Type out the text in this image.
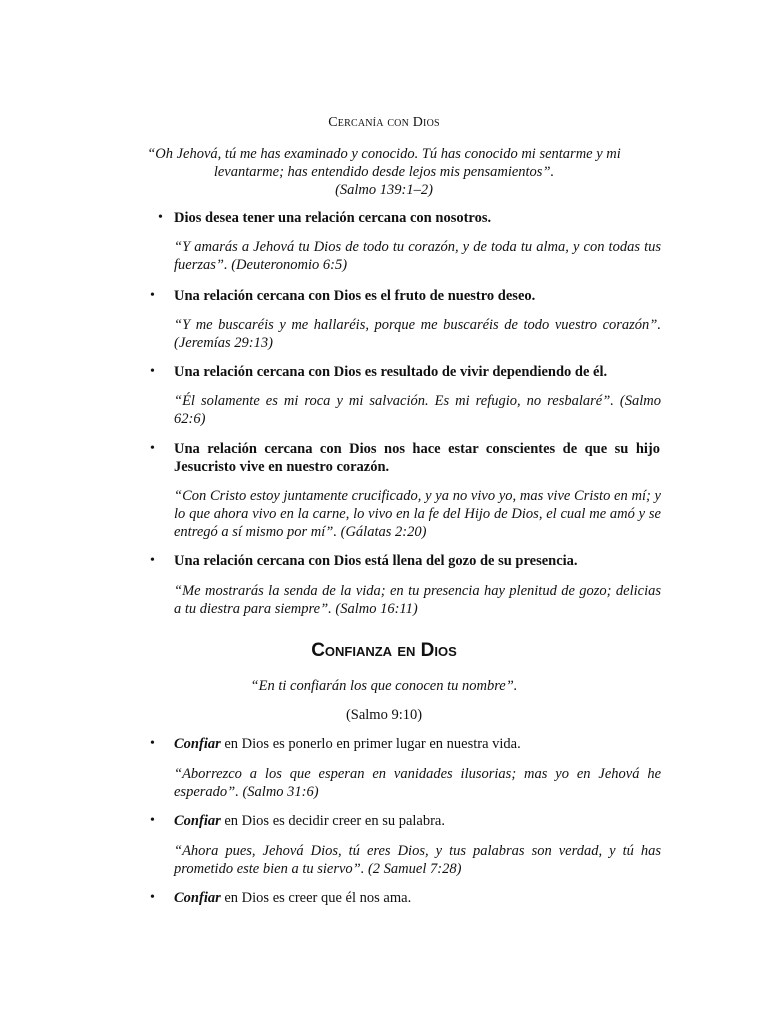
Cercanía con Dios
“Oh Jehová, tú me has examinado y conocido. Tú has conocido mi sentarme y mi
levantarme; has entendido desde lejos mis pensamientos”.
(Salmo 139:1–2)
• Dios desea tener una relación cercana con nosotros.
“Y amarás a Jehová tu Dios de todo tu corazón, y de toda tu alma, y con todas tus fuerzas”. (Deuteronomio 6:5)
• Una relación cercana con Dios es el fruto de nuestro deseo.
“Y me buscaréis y me hallaréis, porque me buscaréis de todo vuestro corazón”. (Jeremías 29:13)
• Una relación cercana con Dios es resultado de vivir dependiendo de él.
“Él solamente es mi roca y mi salvación. Es mi refugio, no resbalaré”. (Salmo 62:6)
• Una relación cercana con Dios nos hace estar conscientes de que su hijo Jesucristo vive en nuestro corazón.
“Con Cristo estoy juntamente crucificado, y ya no vivo yo, mas vive Cristo en mí; y lo que ahora vivo en la carne, lo vivo en la fe del Hijo de Dios, el cual me amó y se entregó a sí mismo por mí”. (Gálatas 2:20)
• Una relación cercana con Dios está llena del gozo de su presencia.
“Me mostrarás la senda de la vida; en tu presencia hay plenitud de gozo; delicias a tu diestra para siempre”. (Salmo 16:11)
Confianza en Dios
“En ti confiarán los que conocen tu nombre”.
(Salmo 9:10)
• Confiar en Dios es ponerlo en primer lugar en nuestra vida.
“Aborrezco a los que esperan en vanidades ilusorias; mas yo en Jehová he esperado”. (Salmo 31:6)
• Confiar en Dios es decidir creer en su palabra.
“Ahora pues, Jehová Dios, tú eres Dios, y tus palabras son verdad, y tú has prometido este bien a tu siervo”. (2 Samuel 7:28)
• Confiar en Dios es creer que él nos ama.
